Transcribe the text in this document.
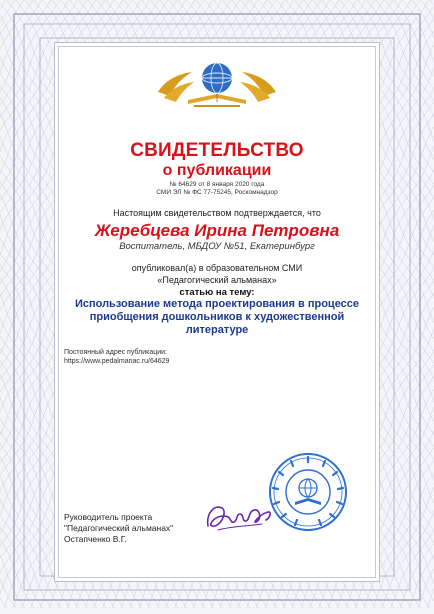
СВИДЕТЕЛЬСТВО
о публикации
№ 64629 от 8 января 2020 года
СМИ ЭЛ № ФС 77-75245, Роскомнадзор
Настоящим свидетельством подтверждается, что
Жеребцева Ирина Петровна
Воспитатель, МБДОУ №51, Екатеринбург
опубликовал(а) в образовательном СМИ
«Педагогический альманах»
статью на тему:
Использование метода проектирования в процессе приобщения дошкольников к художественной литературе
Постоянный адрес публикации:
https://www.pedalmanac.ru/64629
Руководитель проекта
"Педагогический альманах"
Остапченко В.Г.
